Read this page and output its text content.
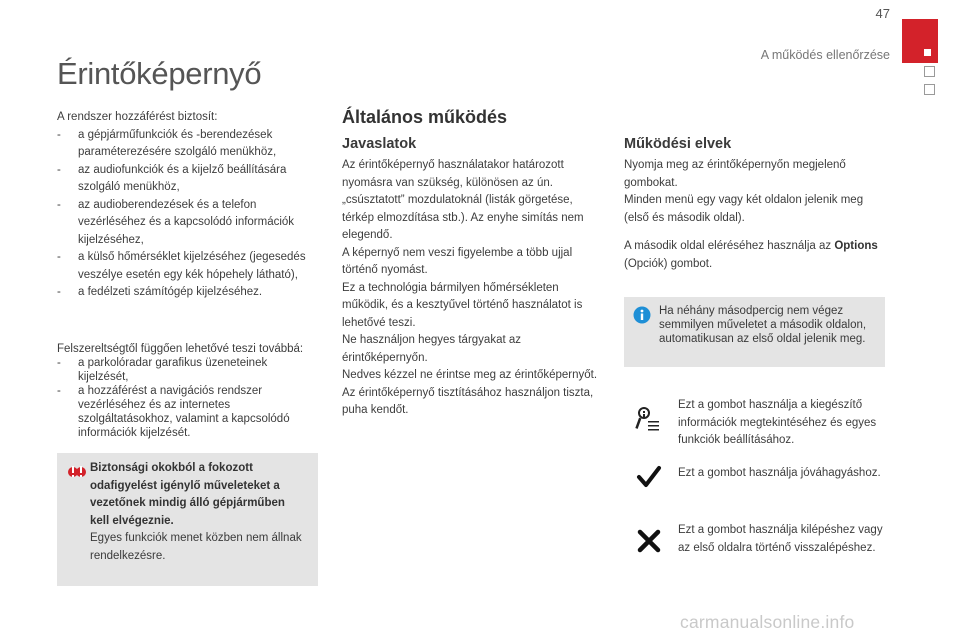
47
A működés ellenőrzése
Érintőképernyő
A rendszer hozzáférést biztosít:
-	a gépjárműfunkciók és -berendezések paraméterezésére szolgáló menükhöz,
-	az audiofunkciók és a kijelző beállítására szolgáló menükhöz,
-	az audioberendezések és a telefon vezérléséhez és a kapcsolódó információk kijelzéséhez,
-	a külső hőmérséklet kijelzéséhez (jegesedés veszélye esetén egy kék hópehely látható),
-	a fedélzeti számítógép kijelzéséhez.
Felszereltségtől függően lehetővé teszi továbbá:
-	a parkolóradar garafikus üzeneteinek kijelzését,
-	a hozzáférést a navigációs rendszer vezérléséhez és az internetes szolgáltatásokhoz, valamint a kapcsolódó információk kijelzését.
Biztonsági okokból a fokozott odafigyelést igénylő műveleteket a vezetőnek mindig álló gépjárműben kell elvégeznie.
Egyes funkciók menet közben nem állnak rendelkezésre.
Általános működés
Javaslatok
Az érintőképernyő használatakor határozott nyomásra van szükség, különösen az ún. „csúsztatott” mozdulatoknál (listák görgetése, térkép elmozdítása stb.). Az enyhe simítás nem elegendő.
A képernyő nem veszi figyelembe a több ujjal történő nyomást.
Ez a technológia bármilyen hőmérsékleten működik, és a kesztyűvel történő használatot is lehetővé teszi.
Ne használjon hegyes tárgyakat az érintőképernyőn.
Nedves kézzel ne érintse meg az érintőképernyőt.
Az érintőképernyő tisztításához használjon tiszta, puha kendőt.
Működési elvek
Nyomja meg az érintőképernyőn megjelenő gombokat.
Minden menü egy vagy két oldalon jelenik meg (első és második oldal).
A második oldal eléréséhez használja az Options (Opciók) gombot.
Ha néhány másodpercig nem végez semmilyen műveletet a második oldalon, automatikusan az első oldal jelenik meg.
Ezt a gombot használja a kiegészítő információk megtekintéséhez és egyes funkciók beállításához.
Ezt a gombot használja jóváhagyáshoz.
Ezt a gombot használja kilépéshez vagy az első oldalra történő visszalépéshez.
carmanualsonline.info
